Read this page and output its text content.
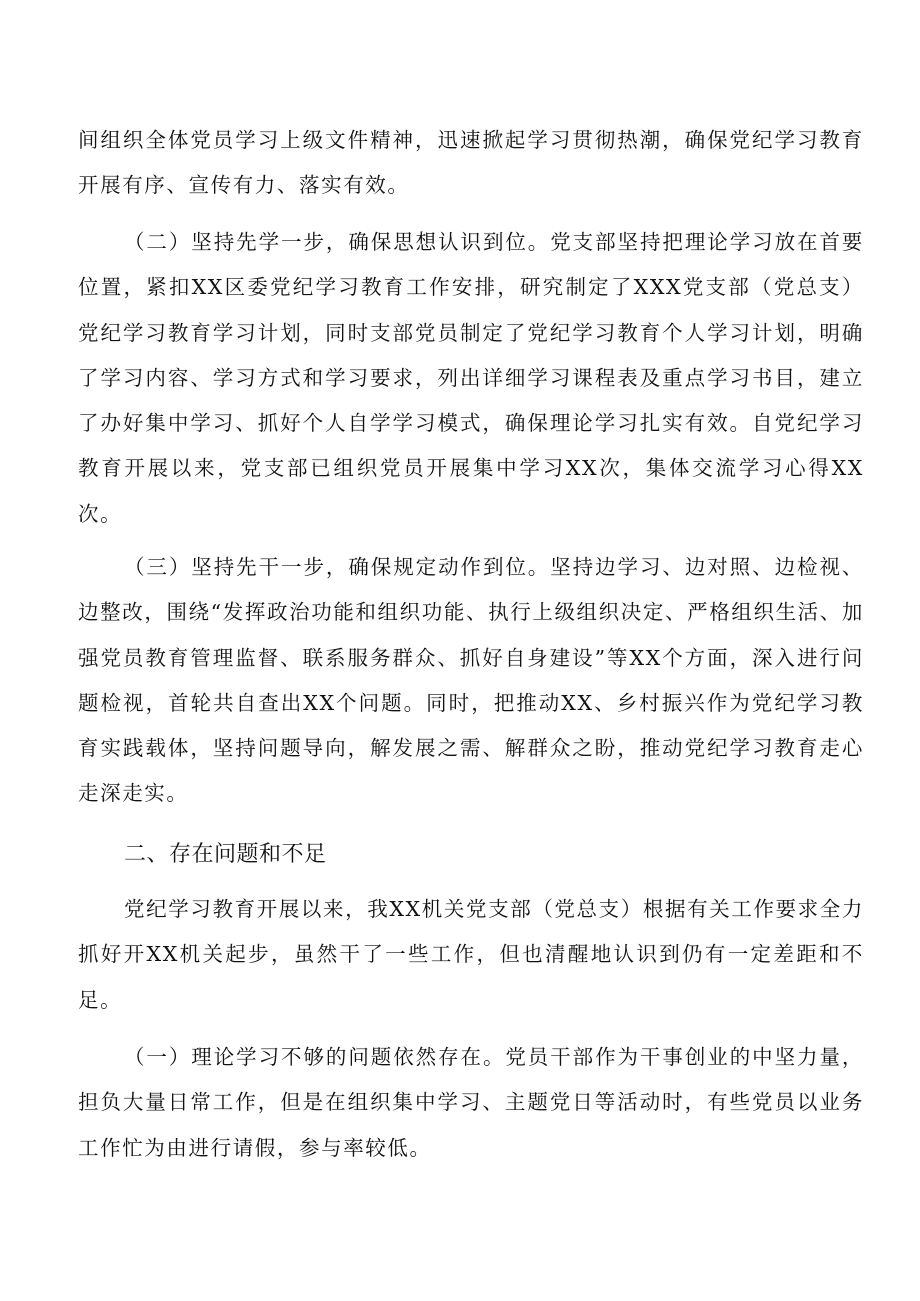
间组织全体党员学习上级文件精神，迅速掀起学习贯彻热潮，确保党纪学习教育开展有序、宣传有力、落实有效。

（二）坚持先学一步，确保思想认识到位。党支部坚持把理论学习放在首要位置，紧扣XX区委党纪学习教育工作安排，研究制定了XXX党支部（党总支）党纪学习教育学习计划，同时支部党员制定了党纪学习教育个人学习计划，明确了学习内容、学习方式和学习要求，列出详细学习课程表及重点学习书目，建立了办好集中学习、抓好个人自学学习模式，确保理论学习扎实有效。自党纪学习教育开展以来，党支部已组织党员开展集中学习XX次，集体交流学习心得XX次。

（三）坚持先干一步，确保规定动作到位。坚持边学习、边对照、边检视、边整改，围绕“发挥政治功能和组织功能、执行上级组织决定、严格组织生活、加强党员教育管理监督、联系服务群众、抓好自身建设”等XX个方面，深入进行问题检视，首轮共自查出XX个问题。同时，把推动XX、乡村振兴作为党纪学习教育实践载体，坚持问题导向，解发展之需、解群众之盼，推动党纪学习教育走心走深走实。

二、存在问题和不足

党纪学习教育开展以来，我XX机关党支部（党总支）根据有关工作要求全力抓好开XX机关起步，虽然干了一些工作，但也清醒地认识到仍有一定差距和不足。

（一）理论学习不够的问题依然存在。党员干部作为干事创业的中坚力量，担负大量日常工作，但是在组织集中学习、主题党日等活动时，有些党员以业务工作忙为由进行请假，参与率较低。
